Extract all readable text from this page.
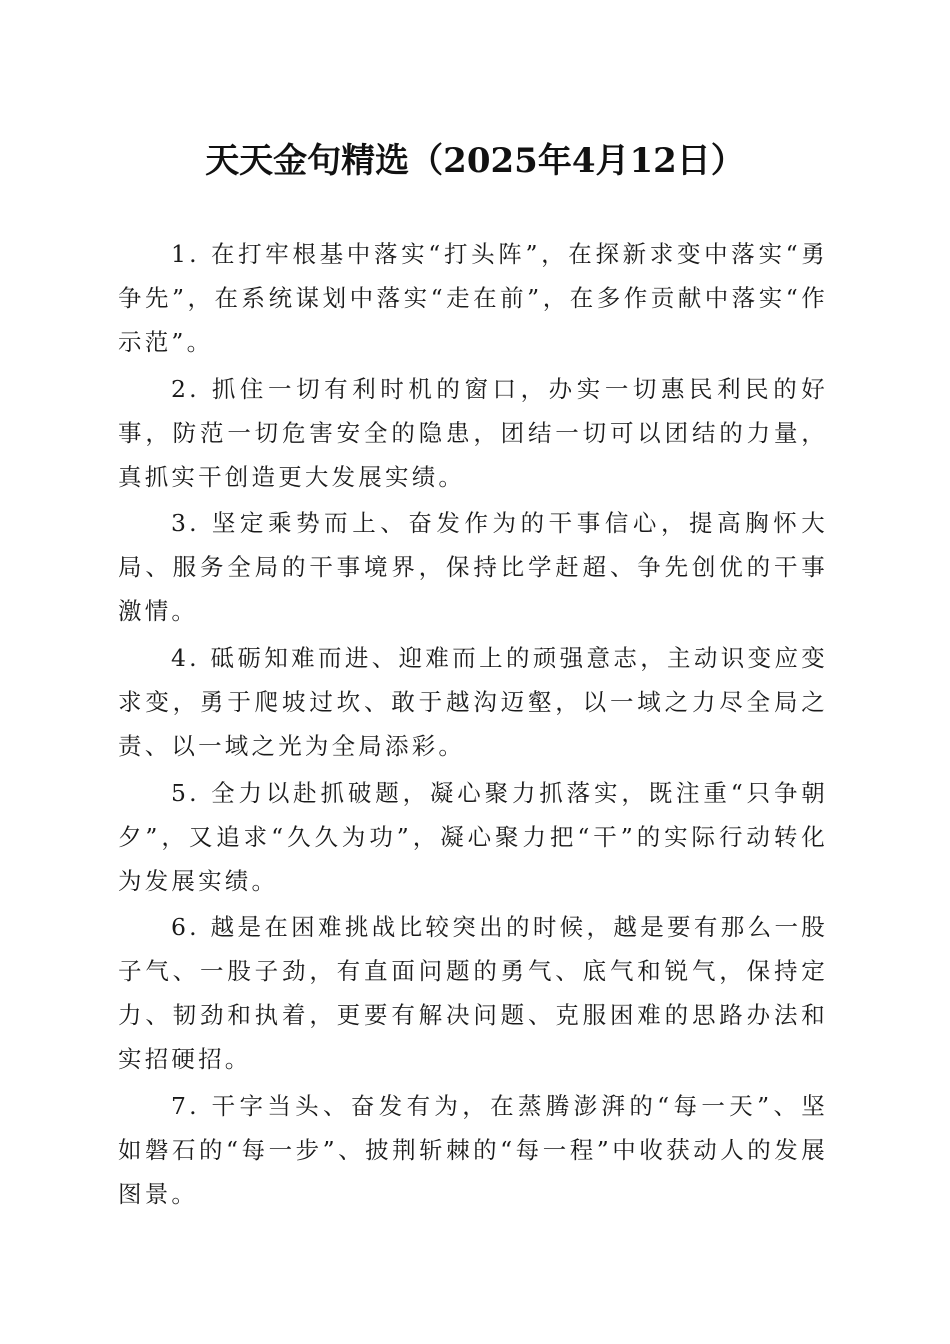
天天金句精选（2025年4月12日）

1. 在打牢根基中落实“打头阵”，在探新求变中落实“勇争先”，在系统谋划中落实“走在前”，在多作贡献中落实“作示范”。

2. 抓住一切有利时机的窗口，办实一切惠民利民的好事，防范一切危害安全的隐患，团结一切可以团结的力量，真抓实干创造更大发展实绩。

3. 坚定乘势而上、奋发作为的干事信心，提高胸怀大局、服务全局的干事境界，保持比学赶超、争先创优的干事激情。

4. 砥砺知难而进、迎难而上的顽强意志，主动识变应变求变，勇于爬坡过坎、敢于越沟迈壑，以一域之力尽全局之责、以一域之光为全局添彩。

5. 全力以赴抓破题，凝心聚力抓落实，既注重“只争朝夕”，又追求“久久为功”，凝心聚力把“干”的实际行动转化为发展实绩。

6. 越是在困难挑战比较突出的时候，越是要有那么一股子气、一股子劲，有直面问题的勇气、底气和锐气，保持定力、韧劲和执着，更要有解决问题、克服困难的思路办法和实招硬招。

7. 干字当头、奋发有为，在蒸腾澎湃的“每一天”、坚如磐石的“每一步”、披荆斩棘的“每一程”中收获动人的发展图景。
